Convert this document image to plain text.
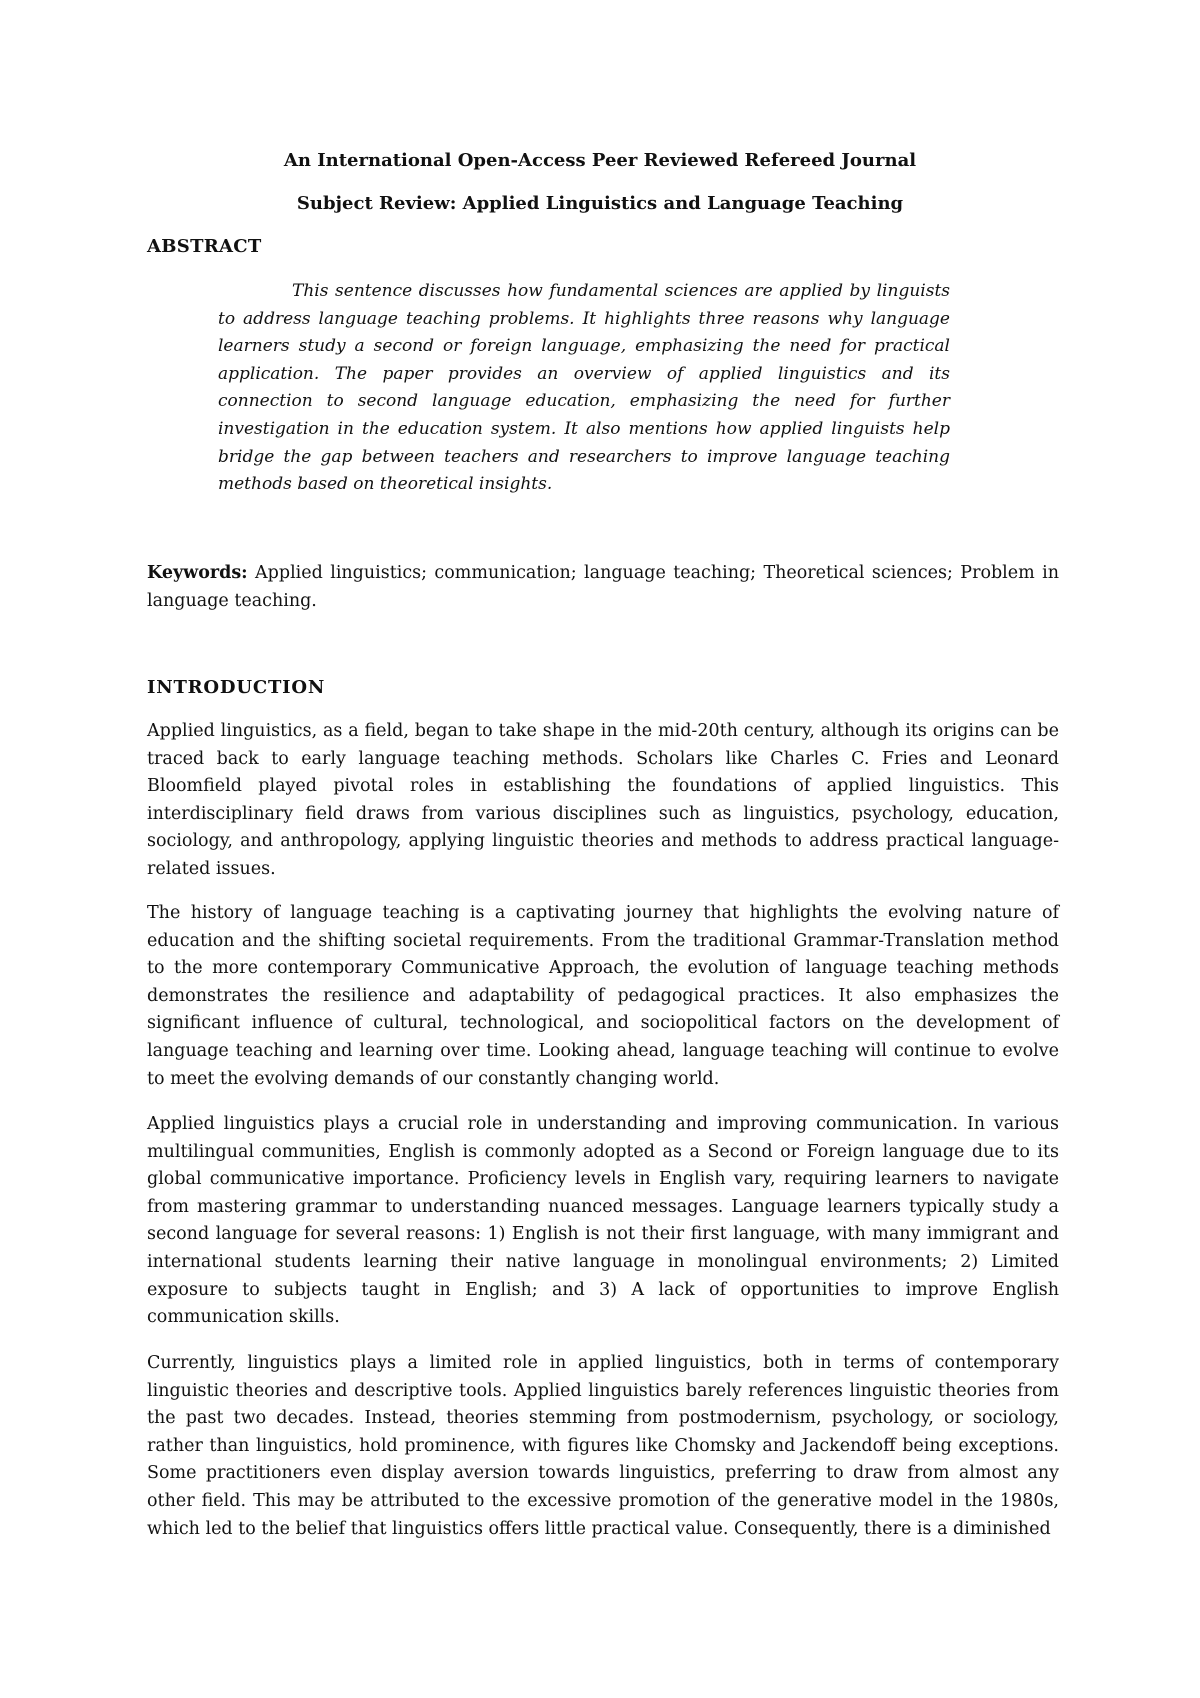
An International Open-Access Peer Reviewed Refereed Journal
Subject Review: Applied Linguistics and Language Teaching
ABSTRACT

This sentence discusses how fundamental sciences are applied by linguists to address language teaching problems. It highlights three reasons why language learners study a second or foreign language, emphasizing the need for practical application. The paper provides an overview of applied linguistics and its connection to second language education, emphasizing the need for further investigation in the education system. It also mentions how applied linguists help bridge the gap between teachers and researchers to improve language teaching methods based on theoretical insights.

Keywords: Applied linguistics; communication; language teaching; Theoretical sciences; Problem in language teaching.

INTRODUCTION

Applied linguistics, as a field, began to take shape in the mid-20th century, although its origins can be traced back to early language teaching methods. Scholars like Charles C. Fries and Leonard Bloomfield played pivotal roles in establishing the foundations of applied linguistics. This interdisciplinary field draws from various disciplines such as linguistics, psychology, education, sociology, and anthropology, applying linguistic theories and methods to address practical language-related issues.

The history of language teaching is a captivating journey that highlights the evolving nature of education and the shifting societal requirements. From the traditional Grammar-Translation method to the more contemporary Communicative Approach, the evolution of language teaching methods demonstrates the resilience and adaptability of pedagogical practices. It also emphasizes the significant influence of cultural, technological, and sociopolitical factors on the development of language teaching and learning over time. Looking ahead, language teaching will continue to evolve to meet the evolving demands of our constantly changing world.

Applied linguistics plays a crucial role in understanding and improving communication. In various multilingual communities, English is commonly adopted as a Second or Foreign language due to its global communicative importance. Proficiency levels in English vary, requiring learners to navigate from mastering grammar to understanding nuanced messages. Language learners typically study a second language for several reasons: 1) English is not their first language, with many immigrant and international students learning their native language in monolingual environments; 2) Limited exposure to subjects taught in English; and 3) A lack of opportunities to improve English communication skills.

Currently, linguistics plays a limited role in applied linguistics, both in terms of contemporary linguistic theories and descriptive tools. Applied linguistics barely references linguistic theories from the past two decades. Instead, theories stemming from postmodernism, psychology, or sociology, rather than linguistics, hold prominence, with figures like Chomsky and Jackendoff being exceptions. Some practitioners even display aversion towards linguistics, preferring to draw from almost any other field. This may be attributed to the excessive promotion of the generative model in the 1980s, which led to the belief that linguistics offers little practical value. Consequently, there is a diminished
